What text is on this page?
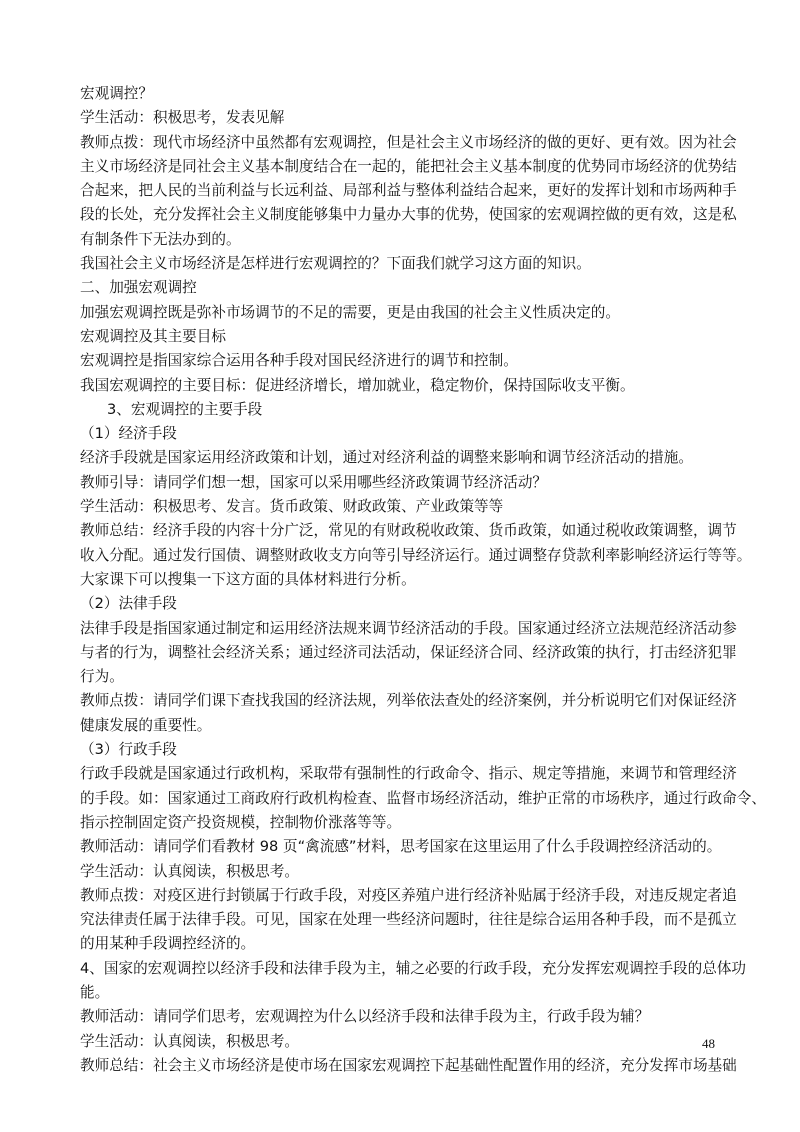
宏观调控？
学生活动：积极思考，发表见解
教师点拨：现代市场经济中虽然都有宏观调控，但是社会主义市场经济的做的更好、更有效。因为社会
主义市场经济是同社会主义基本制度结合在一起的，能把社会主义基本制度的优势同市场经济的优势结
合起来，把人民的当前利益与长远利益、局部利益与整体利益结合起来，更好的发挥计划和市场两种手
段的长处，充分发挥社会主义制度能够集中力量办大事的优势，使国家的宏观调控做的更有效，这是私
有制条件下无法办到的。
我国社会主义市场经济是怎样进行宏观调控的？下面我们就学习这方面的知识。
二、加强宏观调控
加强宏观调控既是弥补市场调节的不足的需要，更是由我国的社会主义性质决定的。
宏观调控及其主要目标
宏观调控是指国家综合运用各种手段对国民经济进行的调节和控制。
我国宏观调控的主要目标：促进经济增长，增加就业，稳定物价，保持国际收支平衡。
3、宏观调控的主要手段
（1）经济手段
经济手段就是国家运用经济政策和计划，通过对经济利益的调整来影响和调节经济活动的措施。
教师引导：请同学们想一想，国家可以采用哪些经济政策调节经济活动？
学生活动：积极思考、发言。货币政策、财政政策、产业政策等等
教师总结：经济手段的内容十分广泛，常见的有财政税收政策、货币政策，如通过税收政策调整，调节
收入分配。通过发行国债、调整财政收支方向等引导经济运行。通过调整存贷款利率影响经济运行等等。
大家课下可以搜集一下这方面的具体材料进行分析。
（2）法律手段
法律手段是指国家通过制定和运用经济法规来调节经济活动的手段。国家通过经济立法规范经济活动参
与者的行为，调整社会经济关系；通过经济司法活动，保证经济合同、经济政策的执行，打击经济犯罪
行为。
教师点拨：请同学们课下查找我国的经济法规，列举依法查处的经济案例，并分析说明它们对保证经济
健康发展的重要性。
（3）行政手段
行政手段就是国家通过行政机构，采取带有强制性的行政命令、指示、规定等措施，来调节和管理经济
的手段。如：国家通过工商政府行政机构检查、监督市场经济活动，维护正常的市场秩序，通过行政命令、
指示控制固定资产投资规模，控制物价涨落等等。
教师活动：请同学们看教材 98 页“禽流感”材料，思考国家在这里运用了什么手段调控经济活动的。
学生活动：认真阅读，积极思考。
教师点拨：对疫区进行封锁属于行政手段，对疫区养殖户进行经济补贴属于经济手段，对违反规定者追
究法律责任属于法律手段。可见，国家在处理一些经济问题时，往往是综合运用各种手段，而不是孤立
的用某种手段调控经济的。
4、国家的宏观调控以经济手段和法律手段为主，辅之必要的行政手段，充分发挥宏观调控手段的总体功
能。
教师活动：请同学们思考，宏观调控为什么以经济手段和法律手段为主，行政手段为辅？
学生活动：认真阅读，积极思考。
教师总结：社会主义市场经济是使市场在国家宏观调控下起基础性配置作用的经济，充分发挥市场基础
48
